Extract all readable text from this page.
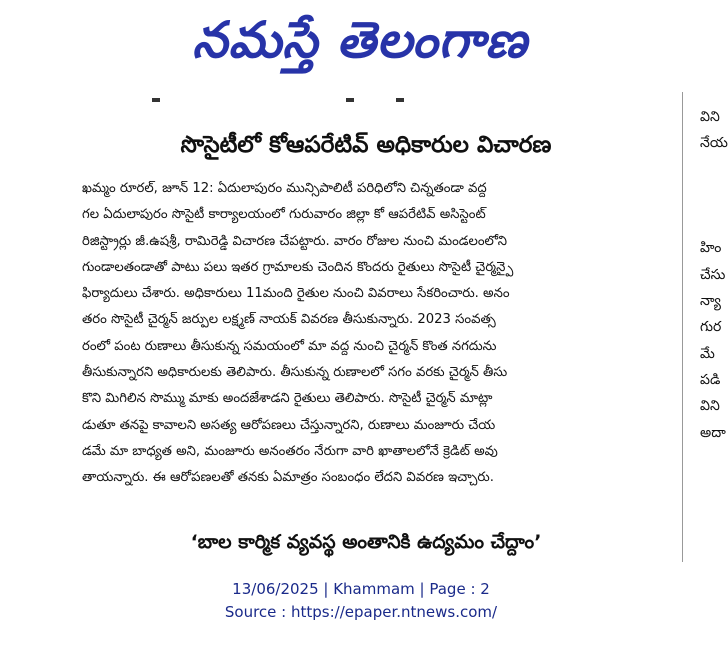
నమస్తే తెలంగాణ
సొసైటీలో కోఆపరేటివ్ అధికారుల విచారణ
ఖమ్మం రూరల్, జూన్ 12: ఏదులాపురం మున్సిపాలిటీ పరిధిలోని చిన్నతండా వద్ద
గల ఏదులాపురం సొసైటీ కార్యాలయంలో గురువారం జిల్లా కో ఆపరేటివ్ అసిస్టెంట్
రిజిస్ట్రార్లు జీ.ఉషశ్రీ, రామిరెడ్డి విచారణ చేపట్టారు. వారం రోజుల నుంచి మండలంలోని
గుండాలతండాతో పాటు పలు ఇతర గ్రామాలకు చెందిన కొందరు రైతులు సొసైటీ చైర్మన్పై
ఫిర్యాదులు చేశారు. అధికారులు 11మంది రైతుల నుంచి వివరాలు సేకరించారు. అనం
తరం సొసైటీ చైర్మన్ జర్పుల లక్ష్మణ్ నాయక్ వివరణ తీసుకున్నారు. 2023 సంవత్స
రంలో పంట రుణాలు తీసుకున్న సమయంలో మా వద్ద నుంచి చైర్మన్ కొంత నగదును
తీసుకున్నారని అధికారులకు తెలిపారు. తీసుకున్న రుణాలలో సగం వరకు చైర్మన్ తీసు
కొని మిగిలిన సొమ్ము మాకు అందజేశాడని రైతులు తెలిపారు. సొసైటీ చైర్మన్ మాట్లా
డుతూ తనపై కావాలని అసత్య ఆరోపణలు చేస్తున్నారని, రుణాలు మంజూరు చేయ
డమే మా బాధ్యత అని, మంజూరు అనంతరం నేరుగా వారి ఖాతాలలోనే క్రెడిట్ అవు
తాయన్నారు. ఈ ఆరోపణలతో తనకు ఏమాత్రం సంబంధం లేదని వివరణ ఇచ్చారు.
‘బాల కార్మిక వ్యవస్థ అంతానికి ఉద్యమం చేద్దాం’
విని
నేయ
హిం
చేసు
న్యా
గుర
మే
పడి
విని
అదా
13/06/2025 | Khammam | Page : 2
Source : https://epaper.ntnews.com/
